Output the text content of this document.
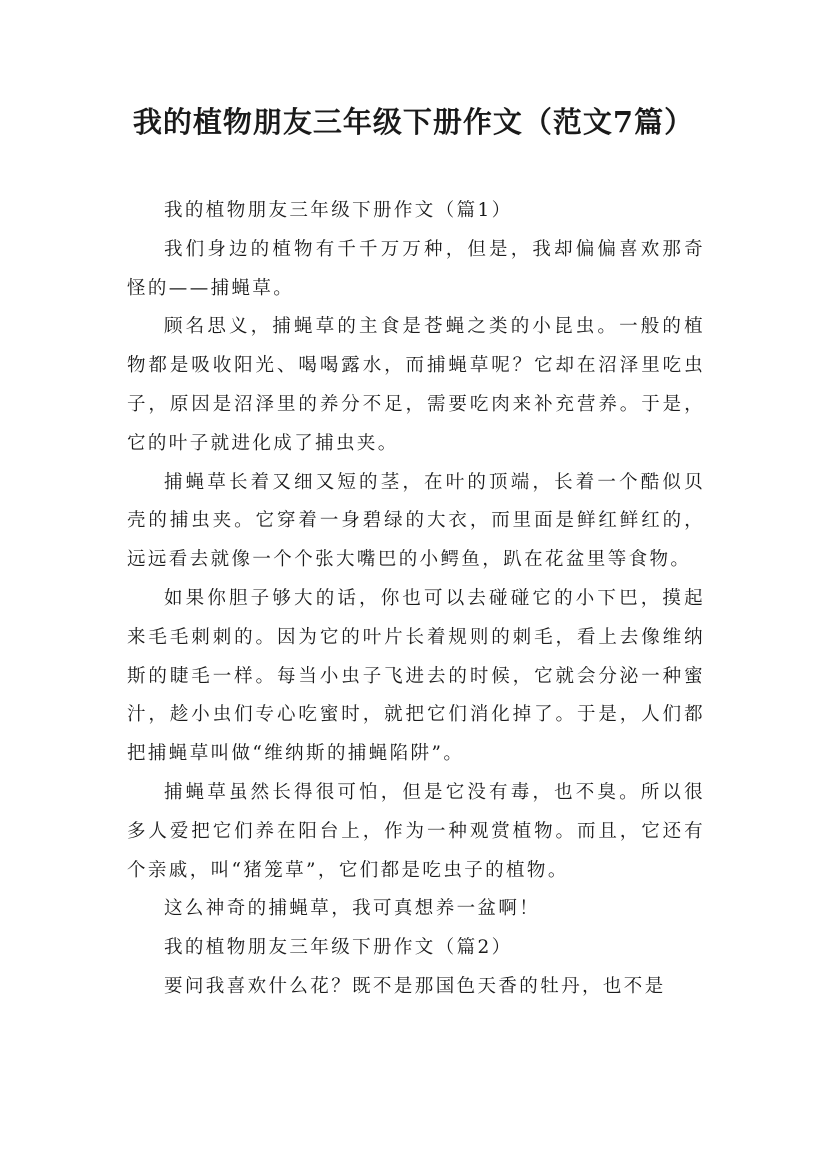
我的植物朋友三年级下册作文（范文7篇）

我的植物朋友三年级下册作文（篇1）

我们身边的植物有千千万万种，但是，我却偏偏喜欢那奇怪的——捕蝇草。

顾名思义，捕蝇草的主食是苍蝇之类的小昆虫。一般的植物都是吸收阳光、喝喝露水，而捕蝇草呢？它却在沼泽里吃虫子，原因是沼泽里的养分不足，需要吃肉来补充营养。于是，它的叶子就进化成了捕虫夹。

捕蝇草长着又细又短的茎，在叶的顶端，长着一个酷似贝壳的捕虫夹。它穿着一身碧绿的大衣，而里面是鲜红鲜红的，远远看去就像一个个张大嘴巴的小鳄鱼，趴在花盆里等食物。

如果你胆子够大的话，你也可以去碰碰它的小下巴，摸起来毛毛刺刺的。因为它的叶片长着规则的刺毛，看上去像维纳斯的睫毛一样。每当小虫子飞进去的时候，它就会分泌一种蜜汁，趁小虫们专心吃蜜时，就把它们消化掉了。于是，人们都把捕蝇草叫做“维纳斯的捕蝇陷阱”。

捕蝇草虽然长得很可怕，但是它没有毒，也不臭。所以很多人爱把它们养在阳台上，作为一种观赏植物。而且，它还有个亲戚，叫“猪笼草”，它们都是吃虫子的植物。

这么神奇的捕蝇草，我可真想养一盆啊！

我的植物朋友三年级下册作文（篇2）

要问我喜欢什么花？既不是那国色天香的牡丹，也不是
